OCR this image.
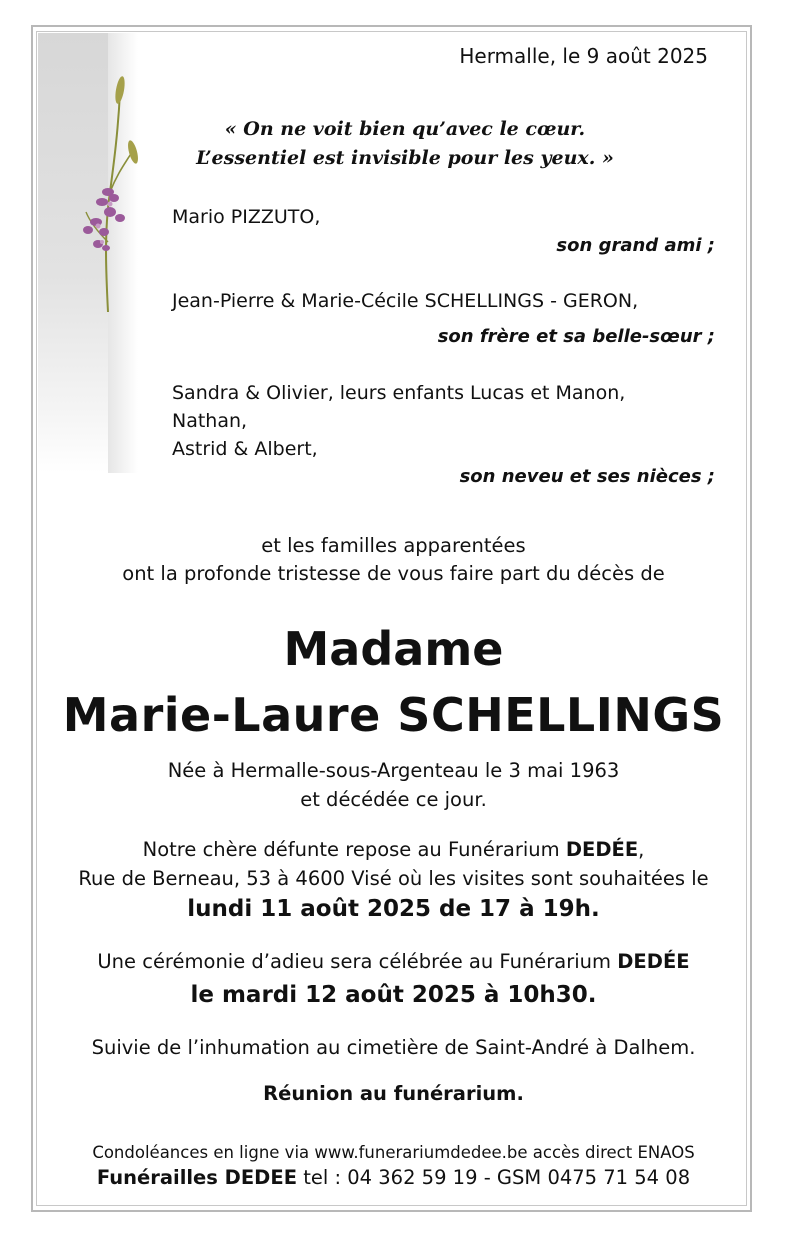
Hermalle, le 9 août 2025
« On ne voit bien qu’avec le cœur.
L’essentiel est invisible pour les yeux. »
Mario PIZZUTO,
son grand ami ;
Jean-Pierre & Marie-Cécile SCHELLINGS - GERON,
son frère et sa belle-sœur ;
Sandra & Olivier, leurs enfants Lucas et Manon,
Nathan,
Astrid & Albert,
son neveu et ses nièces ;
et les familles apparentées
ont la profonde tristesse de vous faire part du décès de
Madame
Marie-Laure SCHELLINGS
Née à Hermalle-sous-Argenteau le 3 mai 1963
et décédée ce jour.
Notre chère défunte repose au Funérarium DEDÉE,
Rue de Berneau, 53 à 4600 Visé où les visites sont souhaitées le
lundi 11 août 2025 de 17 à 19h.
Une cérémonie d’adieu sera célébrée au Funérarium DEDÉE
le mardi 12 août 2025 à 10h30.
Suivie de l’inhumation au cimetière de Saint-André à Dalhem.
Réunion au funérarium.
Condoléances en ligne via www.funerariumdedee.be accès direct ENAOS
Funérailles DEDEE tel : 04 362 59 19 - GSM 0475 71 54 08
